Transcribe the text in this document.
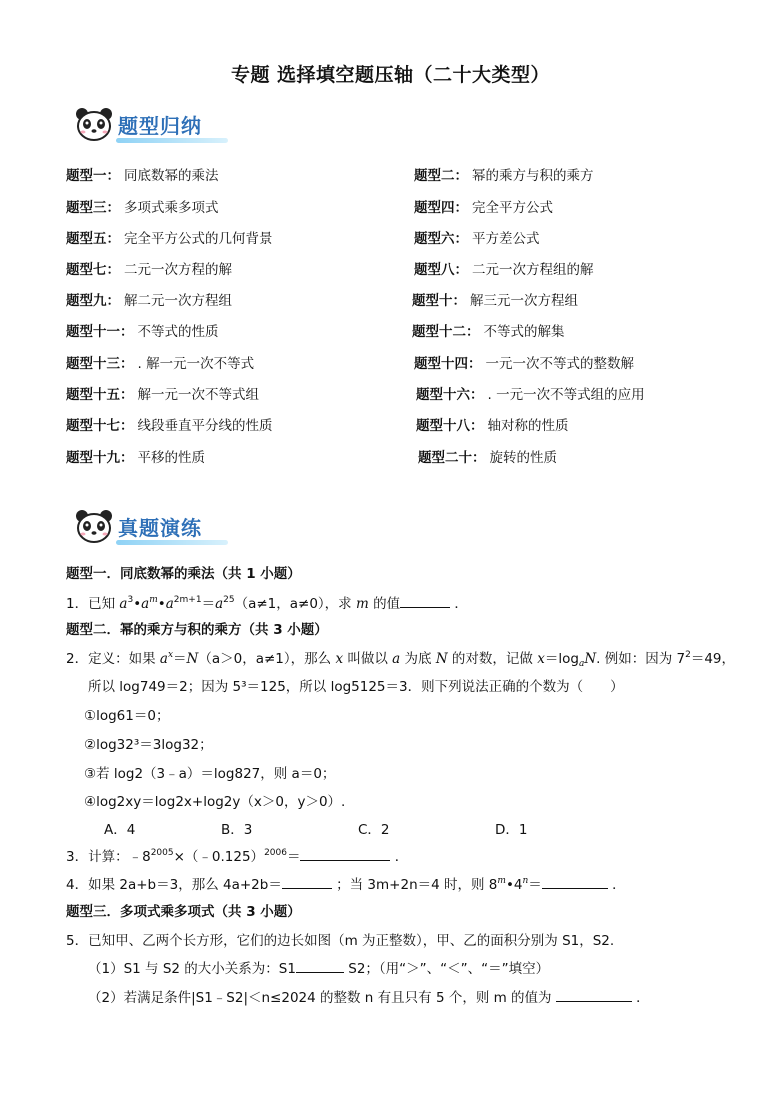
专题 选择填空题压轴（二十大类型）
题型归纳
题型一： 同底数幂的乘法	题型二： 幂的乘方与积的乘方
题型三： 多项式乘多项式	题型四： 完全平方公式
题型五： 完全平方公式的几何背景	题型六： 平方差公式
题型七： 二元一次方程的解	题型八： 二元一次方程组的解
题型九： 解二元一次方程组	题型十： 解三元一次方程组
题型十一： 不等式的性质	题型十二： 不等式的解集
题型十三： . 解一元一次不等式	题型十四： 一元一次不等式的整数解
题型十五： 解一元一次不等式组	题型十六： . 一元一次不等式组的应用
题型十七： 线段垂直平分线的性质	题型十八： 轴对称的性质
题型十九： 平移的性质	题型二十： 旋转的性质
真题演练
题型一．同底数幂的乘法（共 1 小题）
1．已知 $a^3•a^m•a^{2m+1}=a^{25}(a\ne 1$，a≠0），求 m 的值	．
题型二．幂的乘方与积的乘方（共 3 小题）
2．定义：如果 $a^x=N(a>0$，a≠1），那么 x 叫做以 a 为底 N 的对数，记做 $x=\log_aN$. 例如：因为 $7^2=49$，
所以 log749＝2；因为 5³＝125，所以 log5125＝3．则下列说法正确的个数为（　　）
①log61＝0；
②log32³＝3log32；
③若 log2（3﹣a）＝log827，则 a＝0；
④log2xy＝log2x+log2y（x＞0，y＞0）.
A．4	B．3	C．2	D．1
3．计算：$﹣8^{2005}\times(﹣0.125)^{2006}=$	．
4．如果 2a+b＝3，那么 4a+2b＝	；当 3m+2n＝4 时，则 $8^m•4^n=$	．
题型三．多项式乘多项式（共 3 小题）
5．已知甲、乙两个长方形，它们的边长如图（m 为正整数），甲、乙的面积分别为 S1，S2.
（1）S1 与 S2 的大小关系为：S1	S2；（用“＞”、“＜”、“＝”填空）
（2）若满足条件|S1﹣S2|＜n≤2024 的整数 n 有且只有 5 个，则 m 的值为	．
